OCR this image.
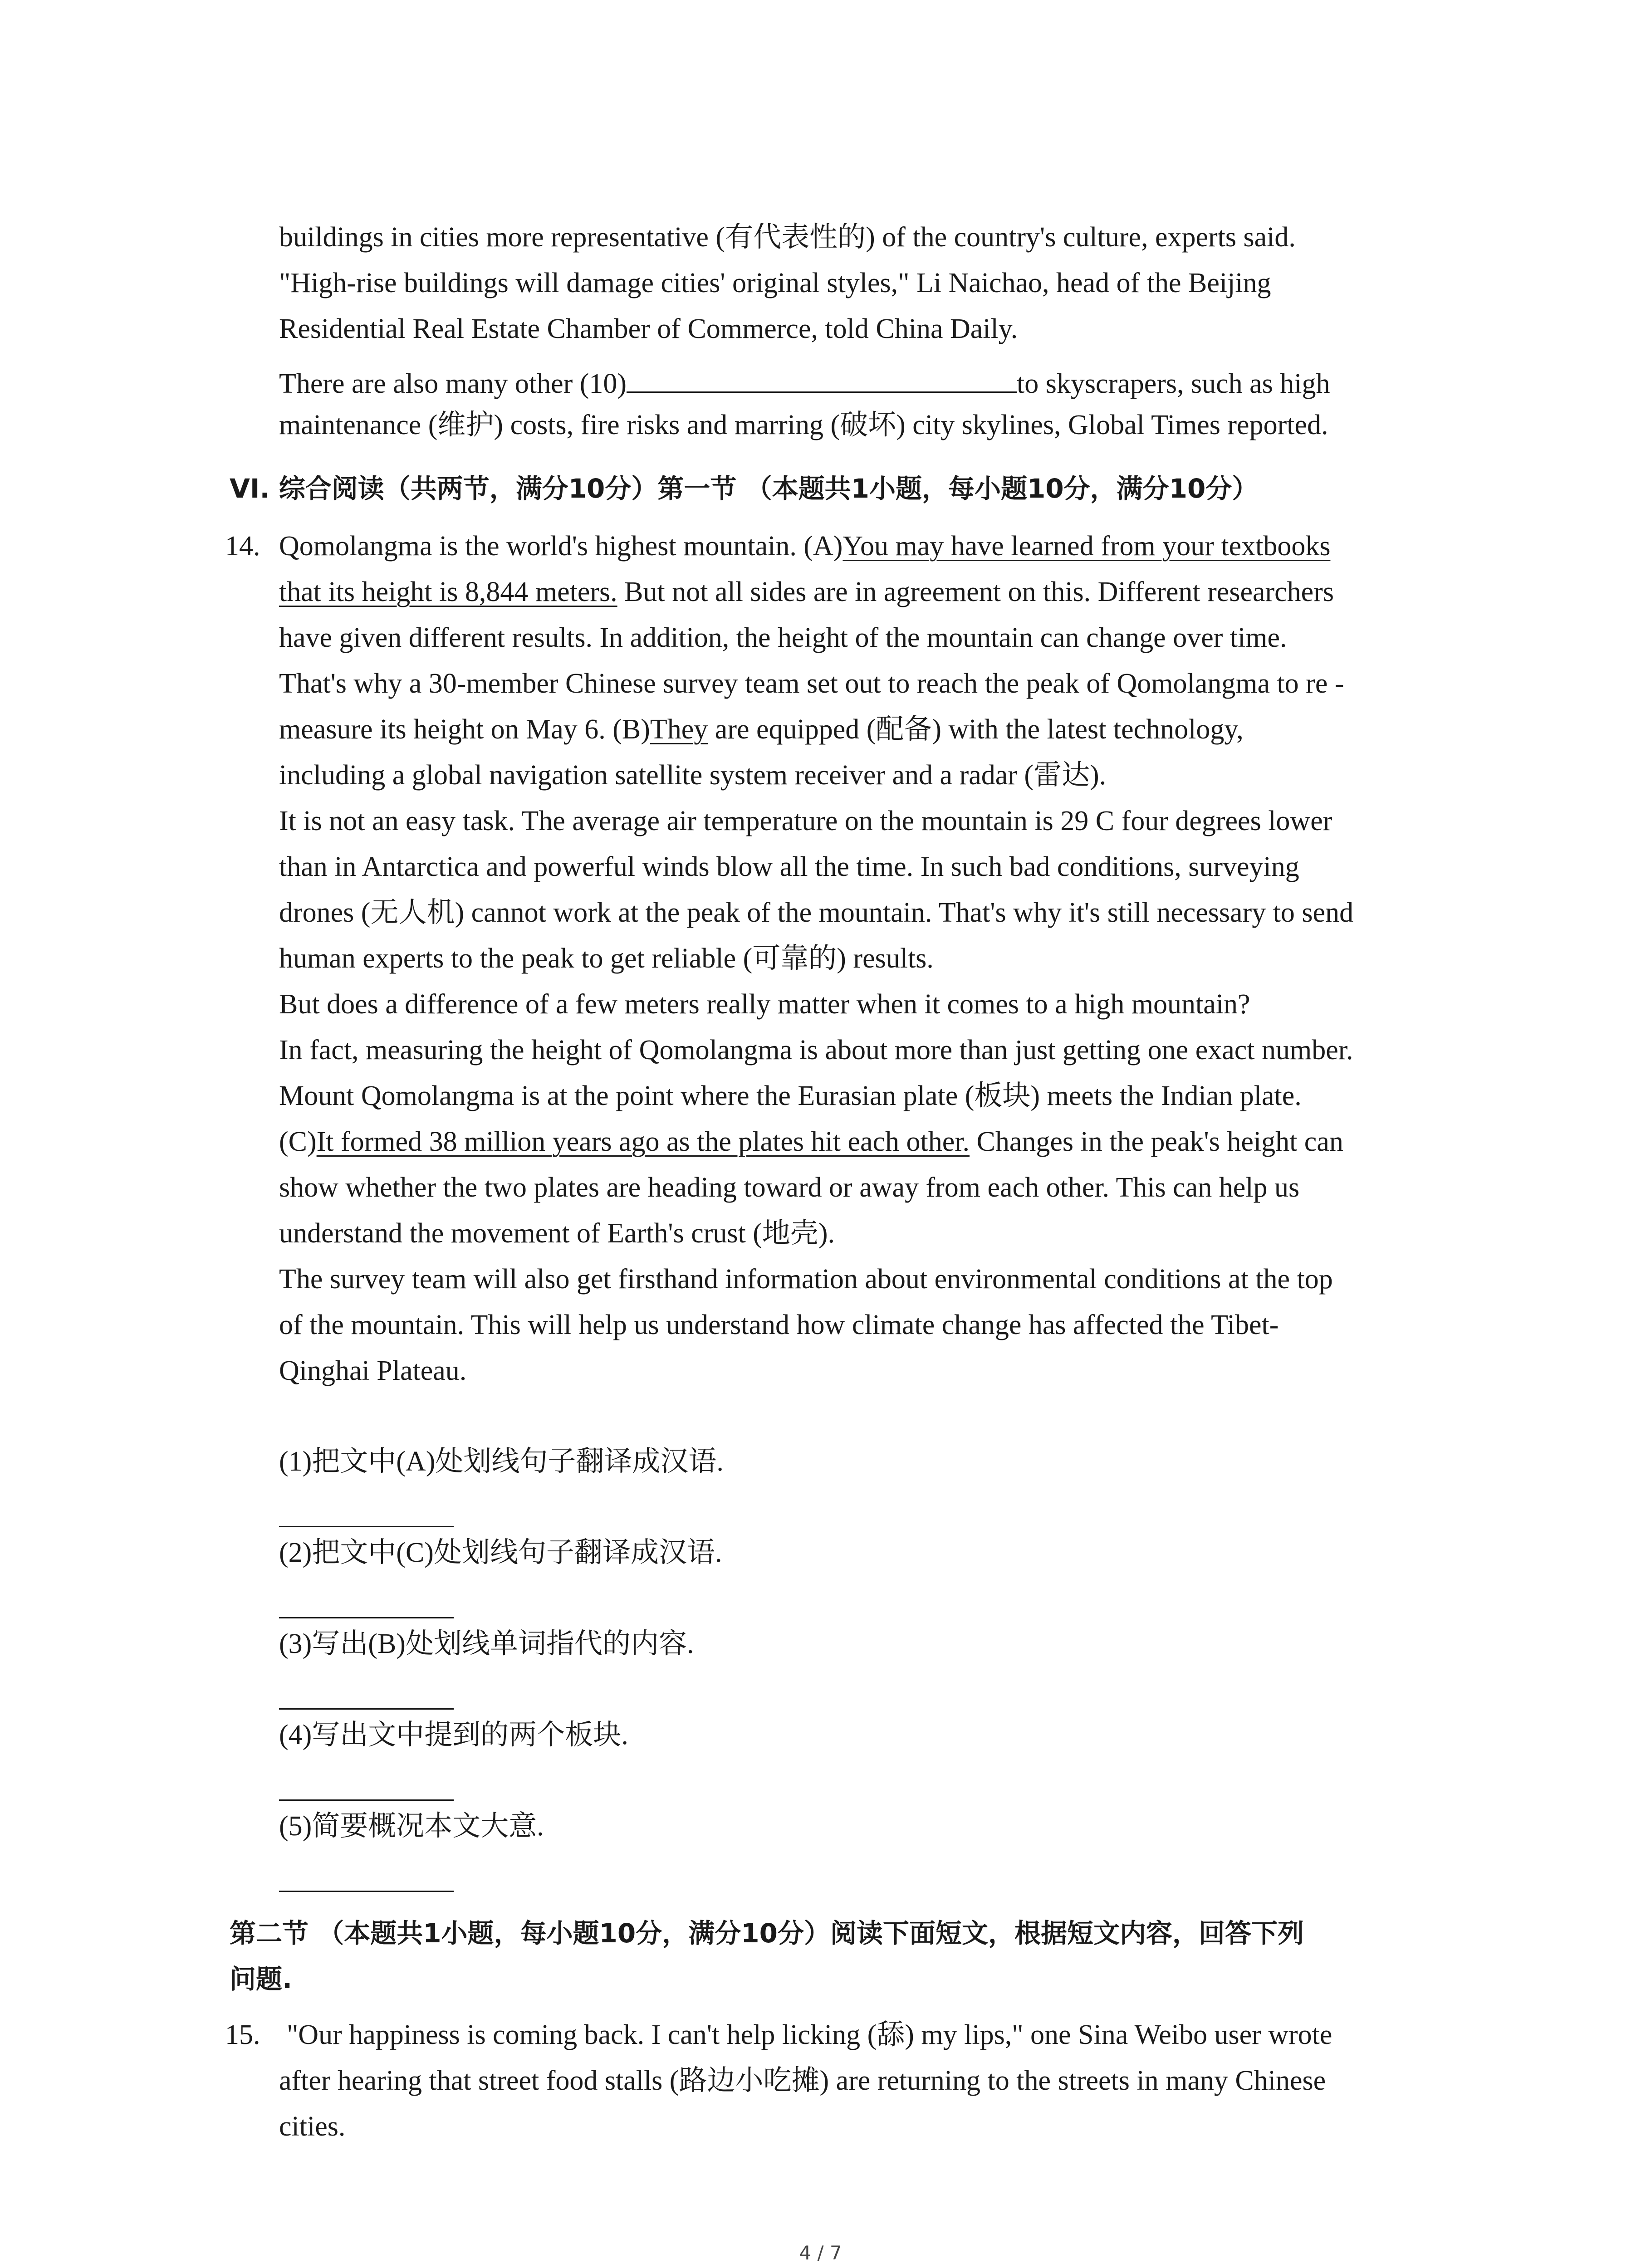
buildings in cities more representative (有代表性的) of the country's culture, experts said.
"High-rise buildings will damage cities' original styles," Li Naichao, head of the Beijing
Residential Real Estate Chamber of Commerce, told China Daily.
There are also many other (10)	to skyscrapers, such as high
maintenance (维护) costs, fire risks and marring (破坏) city skylines, Global Times reported.
VI. 综合阅读（共两节，满分10分）第一节 （本题共1小题，每小题10分，满分10分）
14. Qomolangma is the world's highest mountain. (A)You may have learned from your textbooks
that its height is 8,844 meters. But not all sides are in agreement on this. Different researchers
have given different results. In addition, the height of the mountain can change over time.
That's why a 30-member Chinese survey team set out to reach the peak of Qomolangma to re -
measure its height on May 6. (B)They are equipped (配备) with the latest technology,
including a global navigation satellite system receiver and a radar (雷达).
It is not an easy task. The average air temperature on the mountain is 29 C four degrees lower
than in Antarctica and powerful winds blow all the time. In such bad conditions, surveying
drones (无人机) cannot work at the peak of the mountain. That's why it's still necessary to send
human experts to the peak to get reliable (可靠的) results.
But does a difference of a few meters really matter when it comes to a high mountain?
In fact, measuring the height of Qomolangma is about more than just getting one exact number.
Mount Qomolangma is at the point where the Eurasian plate (板块) meets the Indian plate.
(C)It formed 38 million years ago as the plates hit each other. Changes in the peak's height can
show whether the two plates are heading toward or away from each other. This can help us
understand the movement of Earth's crust (地壳).
The survey team will also get firsthand information about environmental conditions at the top
of the mountain. This will help us understand how climate change has affected the Tibet-
Qinghai Plateau.
(1)把文中(A)处划线句子翻译成汉语.
(2)把文中(C)处划线句子翻译成汉语.
(3)写出(B)处划线单词指代的内容.
(4)写出文中提到的两个板块.
(5)简要概况本文大意.
第二节 （本题共1小题，每小题10分，满分10分）阅读下面短文，根据短文内容，回答下列
问题.
15. "Our happiness is coming back. I can't help licking (舔) my lips," one Sina Weibo user wrote
after hearing that street food stalls (路边小吃摊) are returning to the streets in many Chinese
cities.
4 / 7
